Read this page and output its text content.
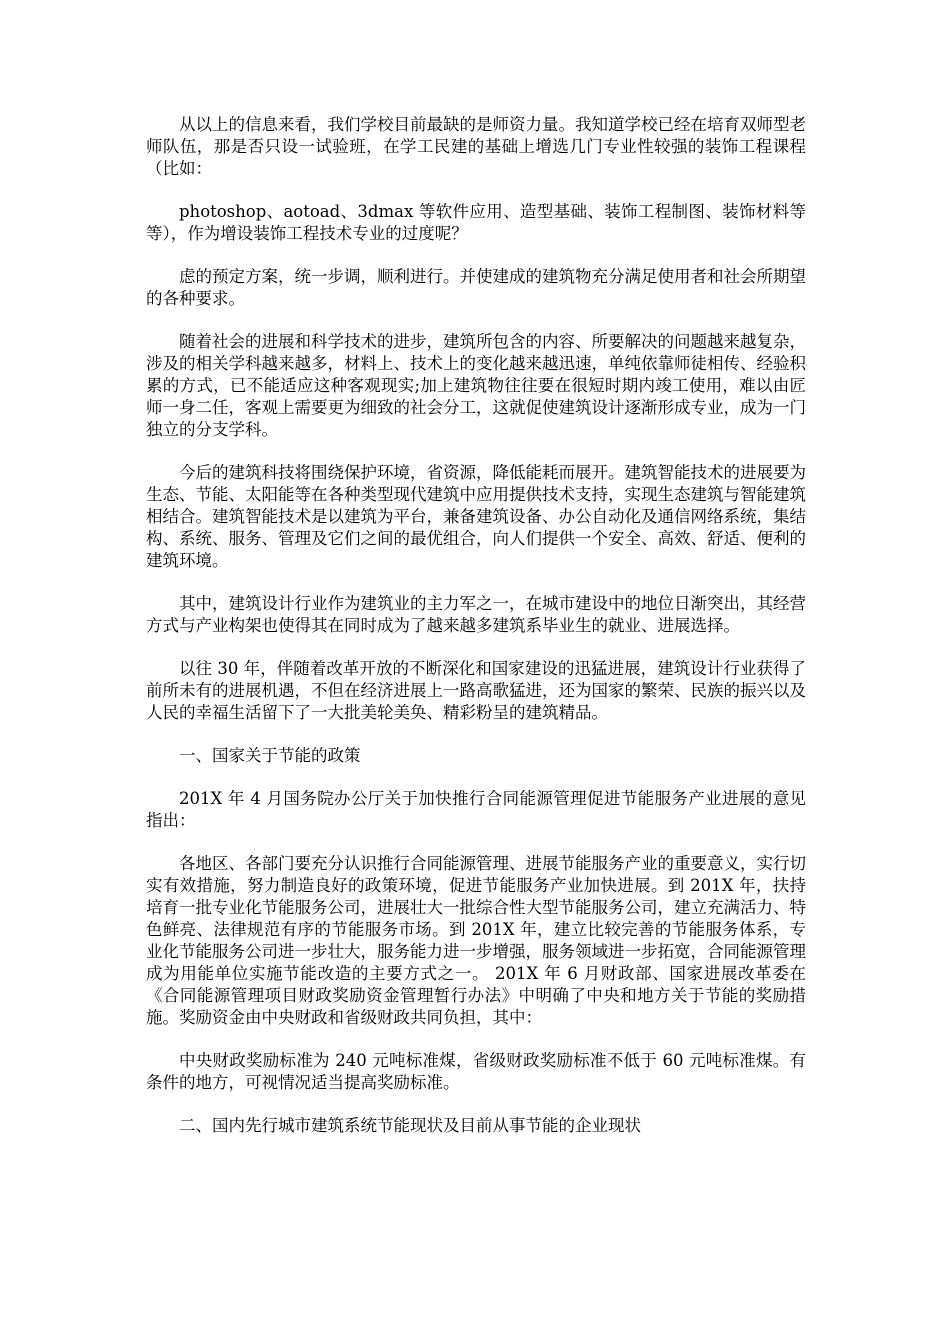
从以上的信息来看，我们学校目前最缺的是师资力量。我知道学校已经在培育双师型老师队伍，那是否只设一试验班，在学工民建的基础上增选几门专业性较强的装饰工程课程（比如：

photoshop、aotoad、3dmax 等软件应用、造型基础、装饰工程制图、装饰材料等等），作为增设装饰工程技术专业的过度呢？

虑的预定方案，统一步调，顺利进行。并使建成的建筑物充分满足使用者和社会所期望的各种要求。

随着社会的进展和科学技术的进步，建筑所包含的内容、所要解决的问题越来越复杂，涉及的相关学科越来越多，材料上、技术上的变化越来越迅速，单纯依靠师徒相传、经验积累的方式，已不能适应这种客观现实;加上建筑物往往要在很短时期内竣工使用，难以由匠师一身二任，客观上需要更为细致的社会分工，这就促使建筑设计逐渐形成专业，成为一门独立的分支学科。

今后的建筑科技将围绕保护环境，省资源，降低能耗而展开。建筑智能技术的进展要为生态、节能、太阳能等在各种类型现代建筑中应用提供技术支持，实现生态建筑与智能建筑相结合。建筑智能技术是以建筑为平台，兼备建筑设备、办公自动化及通信网络系统，集结构、系统、服务、管理及它们之间的最优组合，向人们提供一个安全、高效、舒适、便利的建筑环境。

其中，建筑设计行业作为建筑业的主力军之一，在城市建设中的地位日渐突出，其经营方式与产业构架也使得其在同时成为了越来越多建筑系毕业生的就业、进展选择。

以往 30 年，伴随着改革开放的不断深化和国家建设的迅猛进展，建筑设计行业获得了前所未有的进展机遇，不但在经济进展上一路高歌猛进，还为国家的繁荣、民族的振兴以及人民的幸福生活留下了一大批美轮美奂、精彩粉呈的建筑精品。

一、国家关于节能的政策

201X 年 4 月国务院办公厅关于加快推行合同能源管理促进节能服务产业进展的意见指出：

各地区、各部门要充分认识推行合同能源管理、进展节能服务产业的重要意义，实行切实有效措施，努力制造良好的政策环境，促进节能服务产业加快进展。到 201X 年，扶持培育一批专业化节能服务公司，进展壮大一批综合性大型节能服务公司，建立充满活力、特色鲜亮、法律规范有序的节能服务市场。到 201X 年，建立比较完善的节能服务体系，专业化节能服务公司进一步壮大，服务能力进一步增强，服务领域进一步拓宽，合同能源管理成为用能单位实施节能改造的主要方式之一。 201X 年 6 月财政部、国家进展改革委在《合同能源管理项目财政奖励资金管理暂行办法》中明确了中央和地方关于节能的奖励措施。奖励资金由中央财政和省级财政共同负担，其中：

中央财政奖励标准为 240 元吨标准煤，省级财政奖励标准不低于 60 元吨标准煤。有条件的地方，可视情况适当提高奖励标准。

二、国内先行城市建筑系统节能现状及目前从事节能的企业现状
